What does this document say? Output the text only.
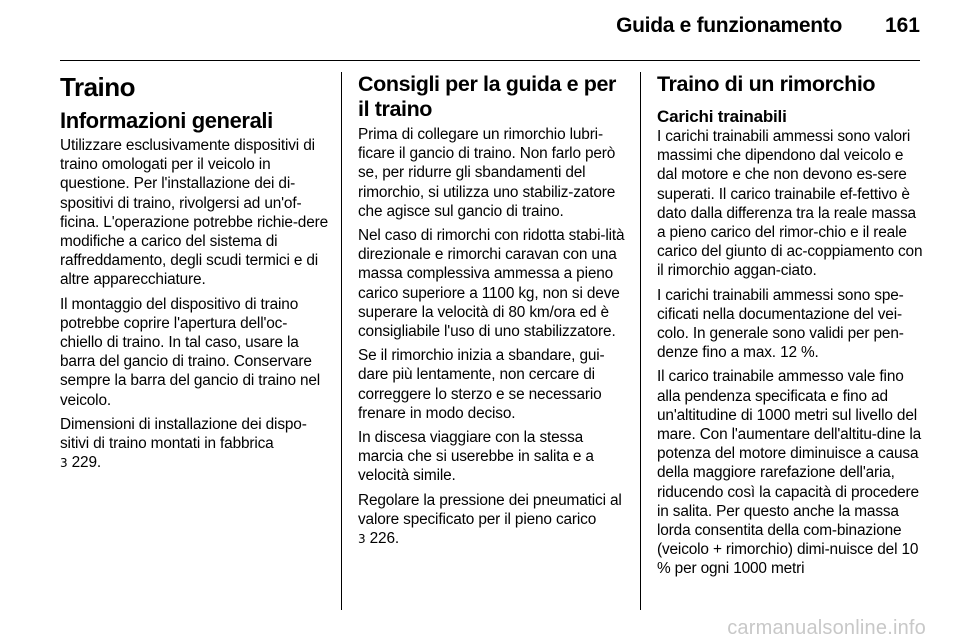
Guida e funzionamento 161
Traino
Informazioni generali

Utilizzare esclusivamente dispositivi di traino omologati per il veicolo in questione. Per l'installazione dei di-spositivi di traino, rivolgersi ad un'of-ficina. L'operazione potrebbe richie-dere modifiche a carico del sistema di raffreddamento, degli scudi termici e di altre apparecchiature.

Il montaggio del dispositivo di traino potrebbe coprire l'apertura dell'oc-chiello di traino. In tal caso, usare la barra del gancio di traino. Conservare sempre la barra del gancio di traino nel veicolo.

Dimensioni di installazione dei dispo-sitivi di traino montati in fabbrica
3 229.

Consigli per la guida e per il traino

Prima di collegare un rimorchio lubri-ficare il gancio di traino. Non farlo però se, per ridurre gli sbandamenti del rimorchio, si utilizza uno stabiliz-zatore che agisce sul gancio di traino.

Nel caso di rimorchi con ridotta stabi-lità direzionale e rimorchi caravan con una massa complessiva ammessa a pieno carico superiore a 1100 kg, non si deve superare la velocità di 80 km/ora ed è consigliabile l'uso di uno stabilizzatore.

Se il rimorchio inizia a sbandare, gui-dare più lentamente, non cercare di correggere lo sterzo e se necessario frenare in modo deciso.

In discesa viaggiare con la stessa marcia che si userebbe in salita e a velocità simile.

Regolare la pressione dei pneumatici al valore specificato per il pieno carico
3 226.

Traino di un rimorchio
Carichi trainabili

I carichi trainabili ammessi sono valori massimi che dipendono dal veicolo e dal motore e che non devono es-sere superati. Il carico trainabile ef-fettivo è dato dalla differenza tra la reale massa a pieno carico del rimor-chio e il reale carico del giunto di ac-coppiamento con il rimorchio aggan-ciato.

I carichi trainabili ammessi sono spe-cificati nella documentazione del vei-colo. In generale sono validi per pen-denze fino a max. 12 %.

Il carico trainabile ammesso vale fino alla pendenza specificata e fino ad un'altitudine di 1000 metri sul livello del mare. Con l'aumentare dell'altitu-dine la potenza del motore diminuisce a causa della maggiore rarefazione dell'aria, riducendo così la capacità di procedere in salita. Per questo anche la massa lorda consentita della com-binazione (veicolo + rimorchio) dimi-nuisce del 10 % per ogni 1000 metri

carmanualsonline.info
